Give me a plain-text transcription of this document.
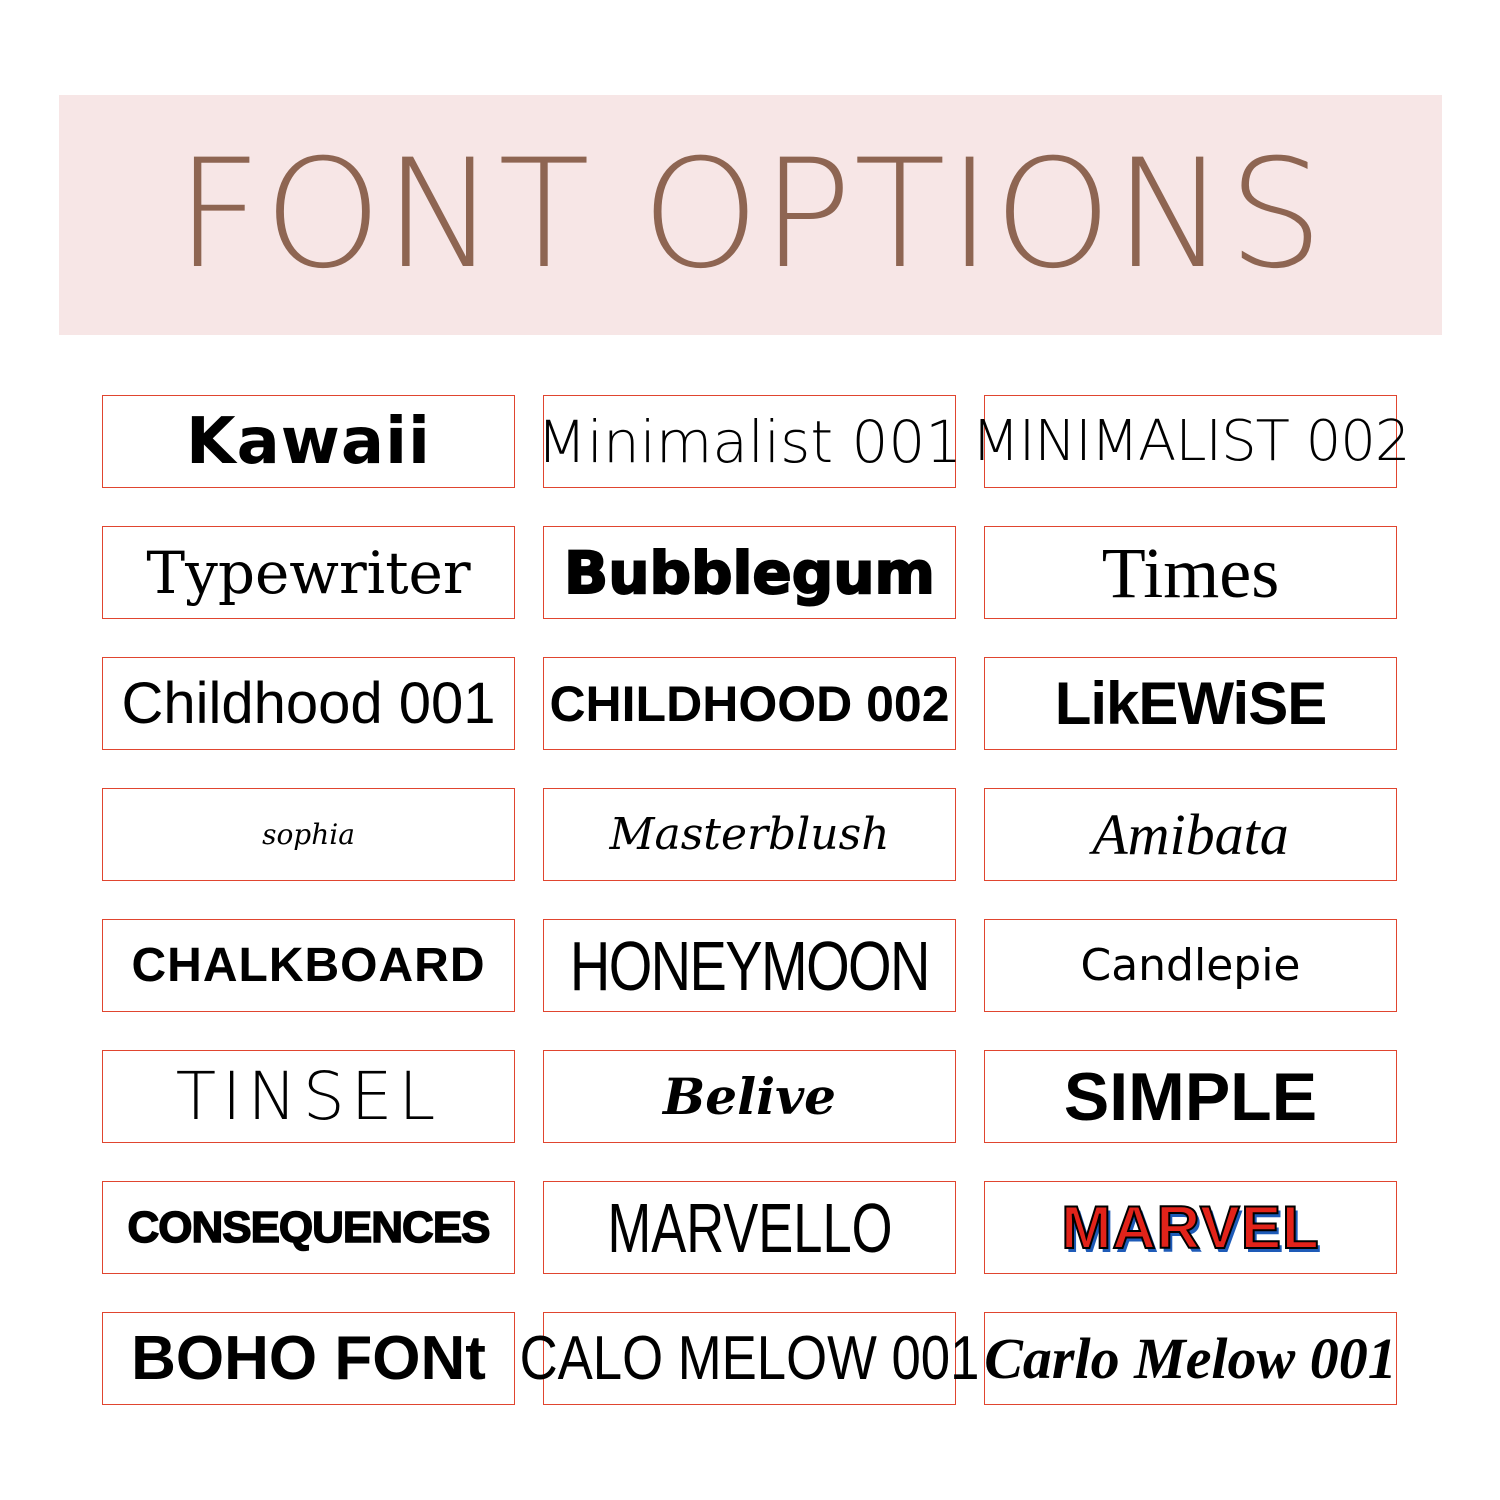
FONT OPTIONS
Kawaii Minimalist 001 MINIMALIST 002
Typewriter Bubblegum Times
Childhood 001 CHILDHOOD 002 LikEWiSE
sophia	Masterblush	Amibata
CHALKBOARD HONEYMOON	Candlepie
TINSEL	Belive	SIMPLE
CONSEQUENCES MARVELLO	MARVEL
BOHO FONt CALO MELOW 001 Carlo Melow 001
